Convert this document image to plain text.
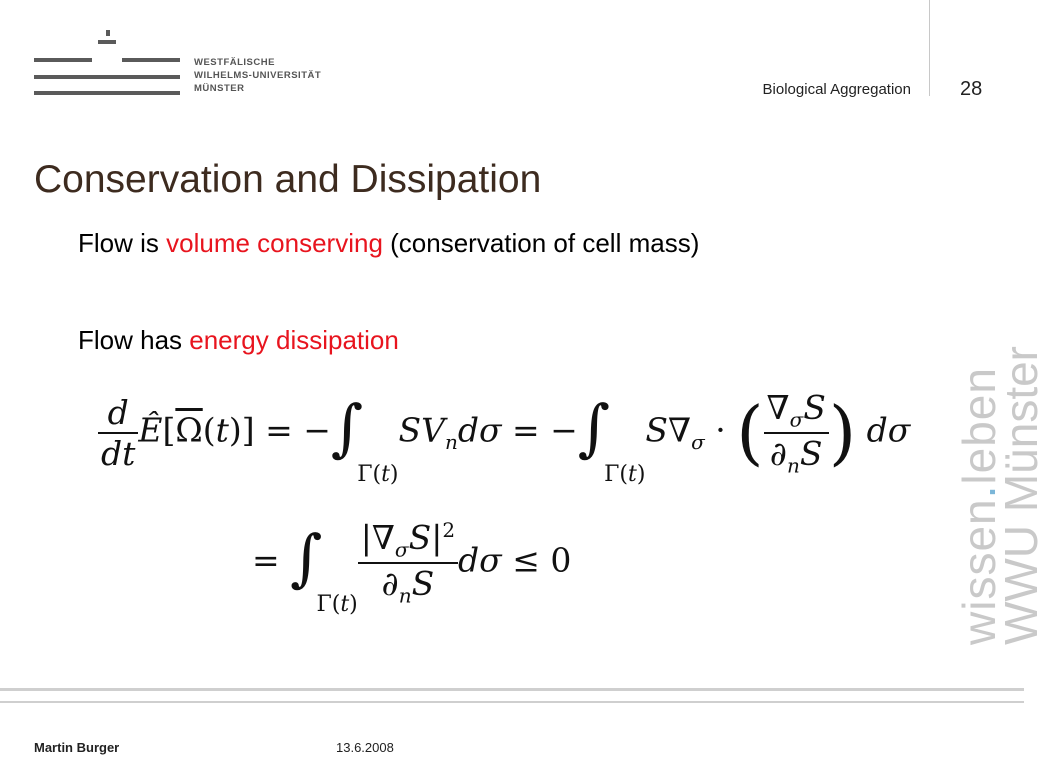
WESTFÄLISCHE
WILHELMS-UNIVERSITÄT
MÜNSTER	Biological Aggregation 28
Conservation and Dissipation
Flow is volume conserving (conservation of cell mass)
Flow has energy dissipation
$\frac{d}{dt}$ $Ê[\overline{\Omega}(t)] = -\int_{\Gamma(t)}SV_nd\sigma = -\int_{\Gamma(t)}S\nabla_\sigma$ · ( $\frac{\nabla_\sigma S}{\partial_nS}$ ) dσ
= $\int_{\Gamma(t)} \frac{|\nabla_\sigma S|^2}{\partial_nS}$ dσ ≤ 0	wissen.leben
WWU Münster
Martin Burger	13.6.2008
